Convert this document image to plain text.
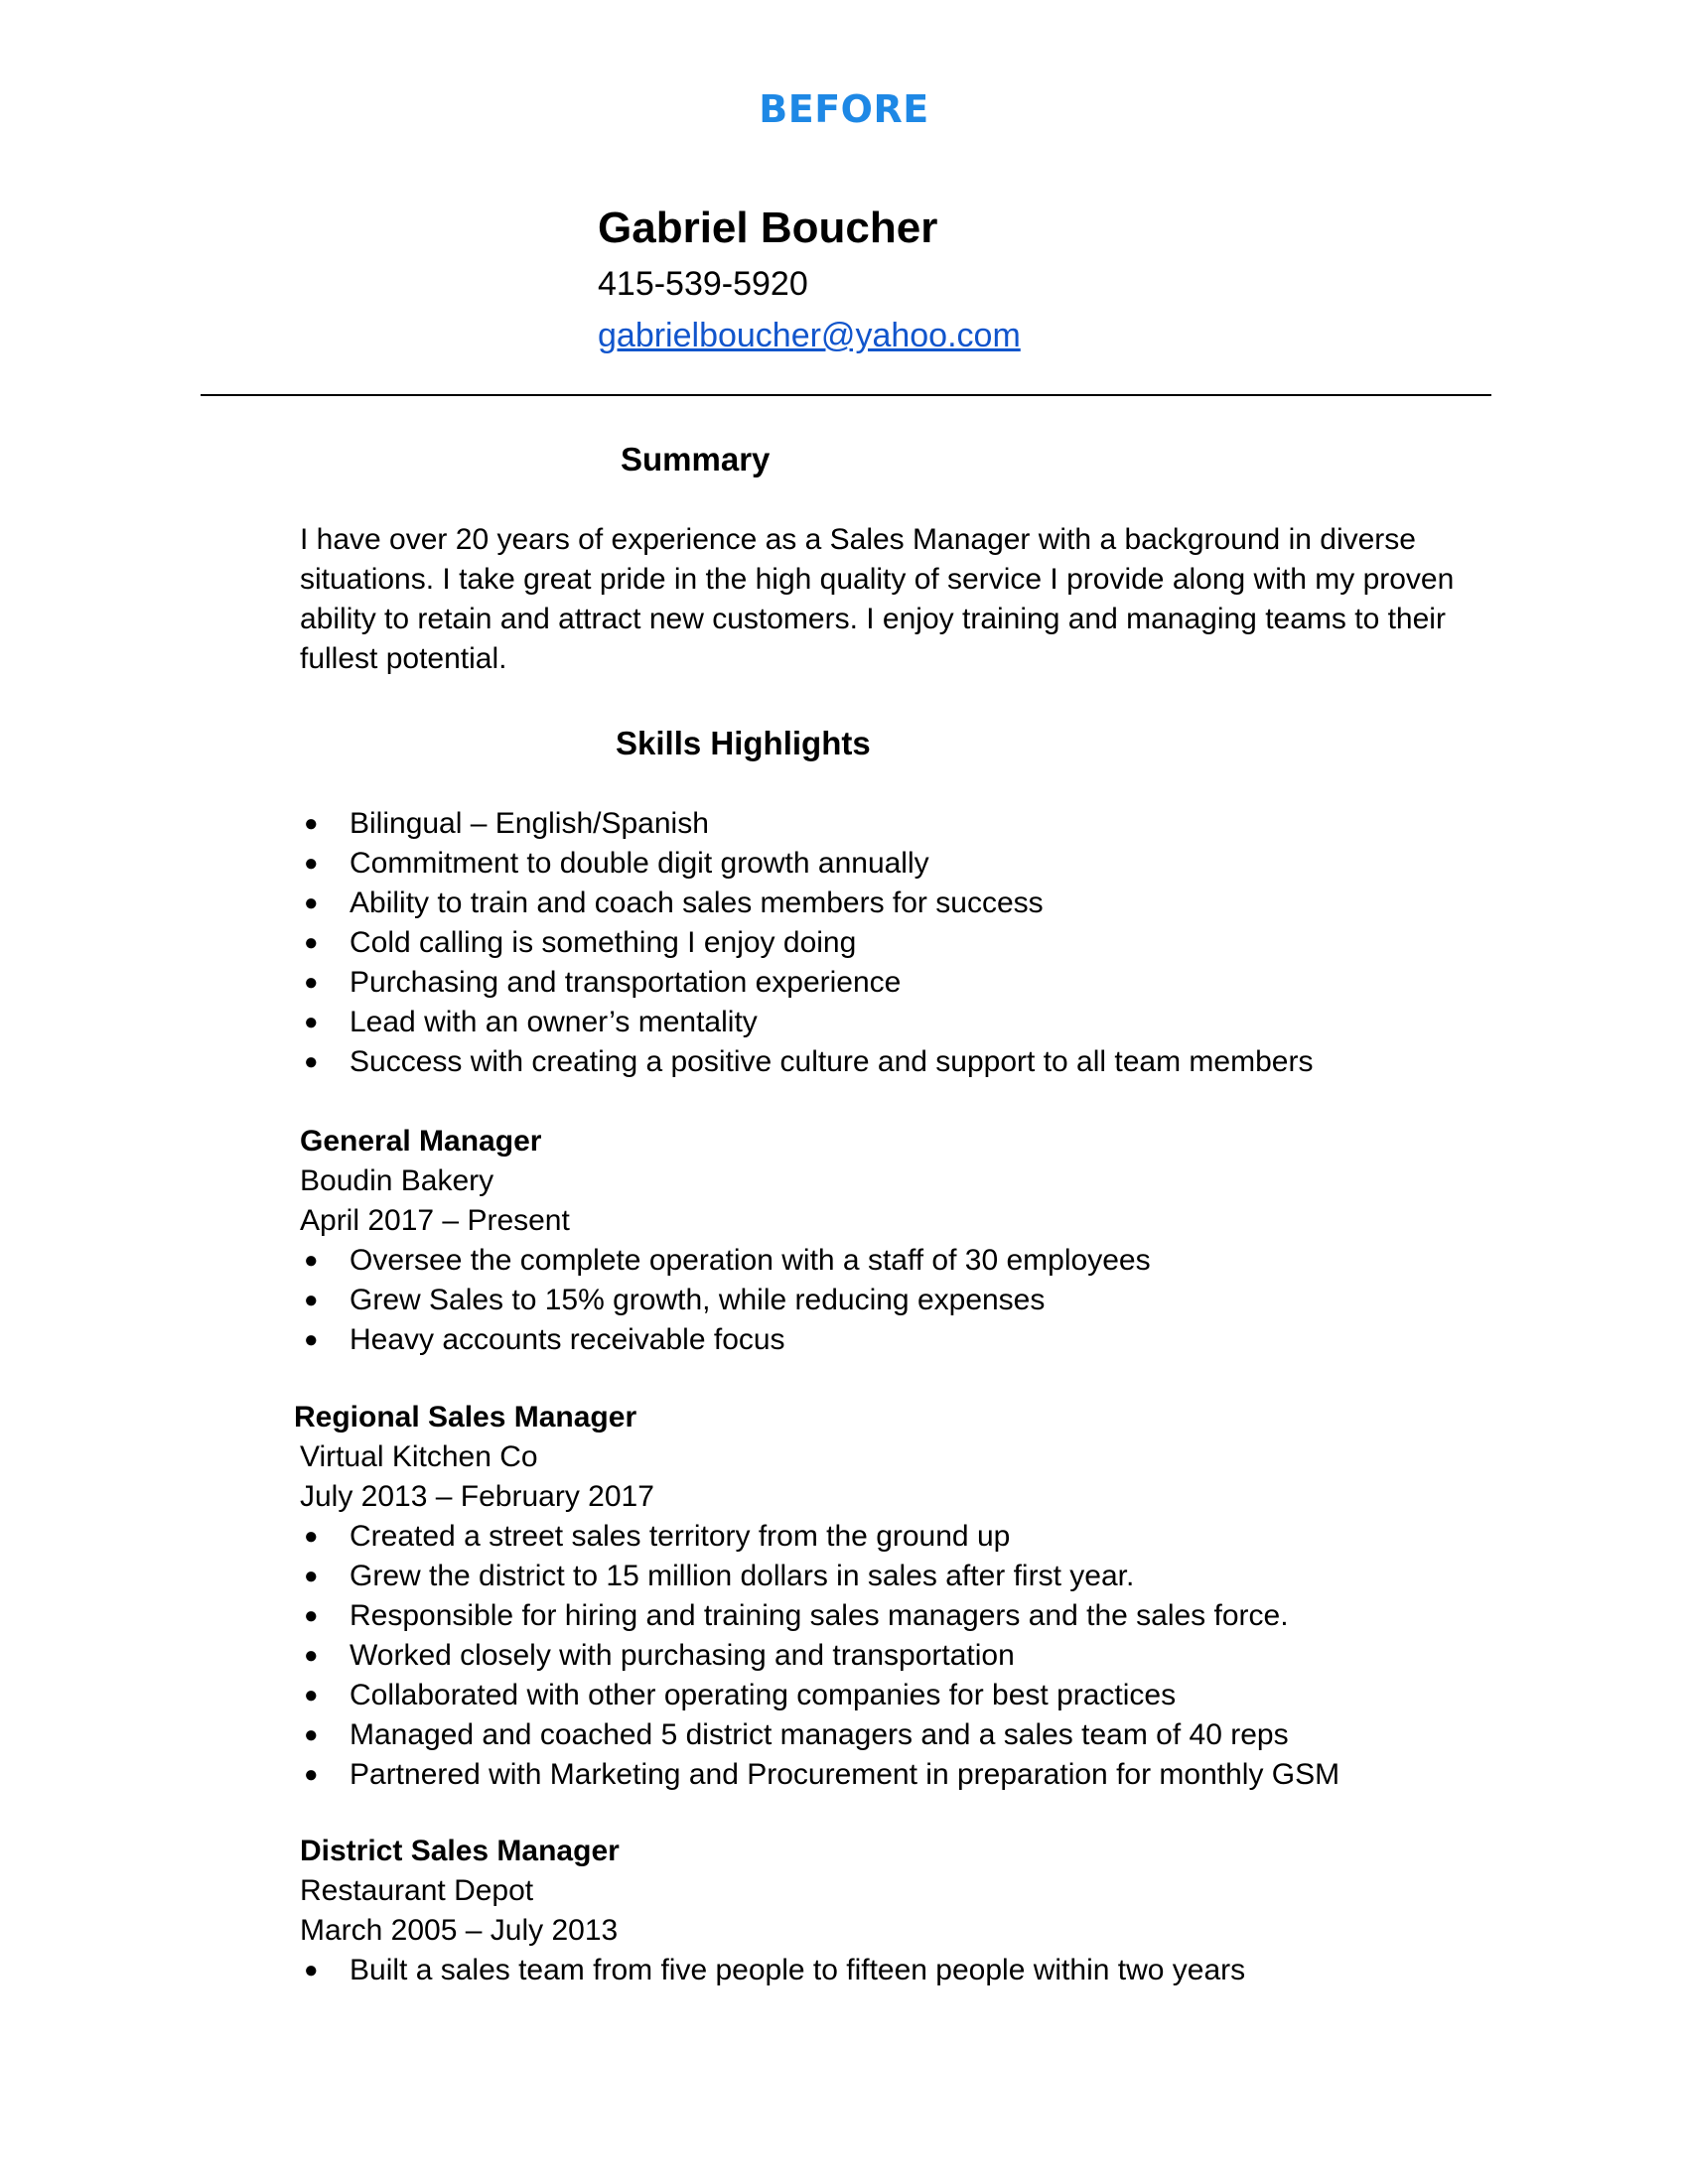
BEFORE
Gabriel Boucher

415-539-5920

gabrielboucher@yahoo.com
Summary

I have over 20 years of experience as a Sales Manager with a background in diverse situations. I take great pride in the high quality of service I provide along with my proven ability to retain and attract new customers. I enjoy training and managing teams to their fullest potential.

Skills Highlights
● Bilingual – English/Spanish
● Commitment to double digit growth annually
● Ability to train and coach sales members for success
● Cold calling is something I enjoy doing
● Purchasing and transportation experience
● Lead with an owner’s mentality
● Success with creating a positive culture and support to all team members

General Manager

Boudin Bakery

April 2017 – Present

● Oversee the complete operation with a staff of 30 employees
● Grew Sales to 15% growth, while reducing expenses
● Heavy accounts receivable focus

Regional Sales Manager

Virtual Kitchen Co

July 2013 – February 2017

● Created a street sales territory from the ground up
● Grew the district to 15 million dollars in sales after first year.
● Responsible for hiring and training sales managers and the sales force.
● Worked closely with purchasing and transportation
● Collaborated with other operating companies for best practices
● Managed and coached 5 district managers and a sales team of 40 reps
● Partnered with Marketing and Procurement in preparation for monthly GSM

District Sales Manager

Restaurant Depot

March 2005 – July 2013

● Built a sales team from five people to fifteen people within two years
